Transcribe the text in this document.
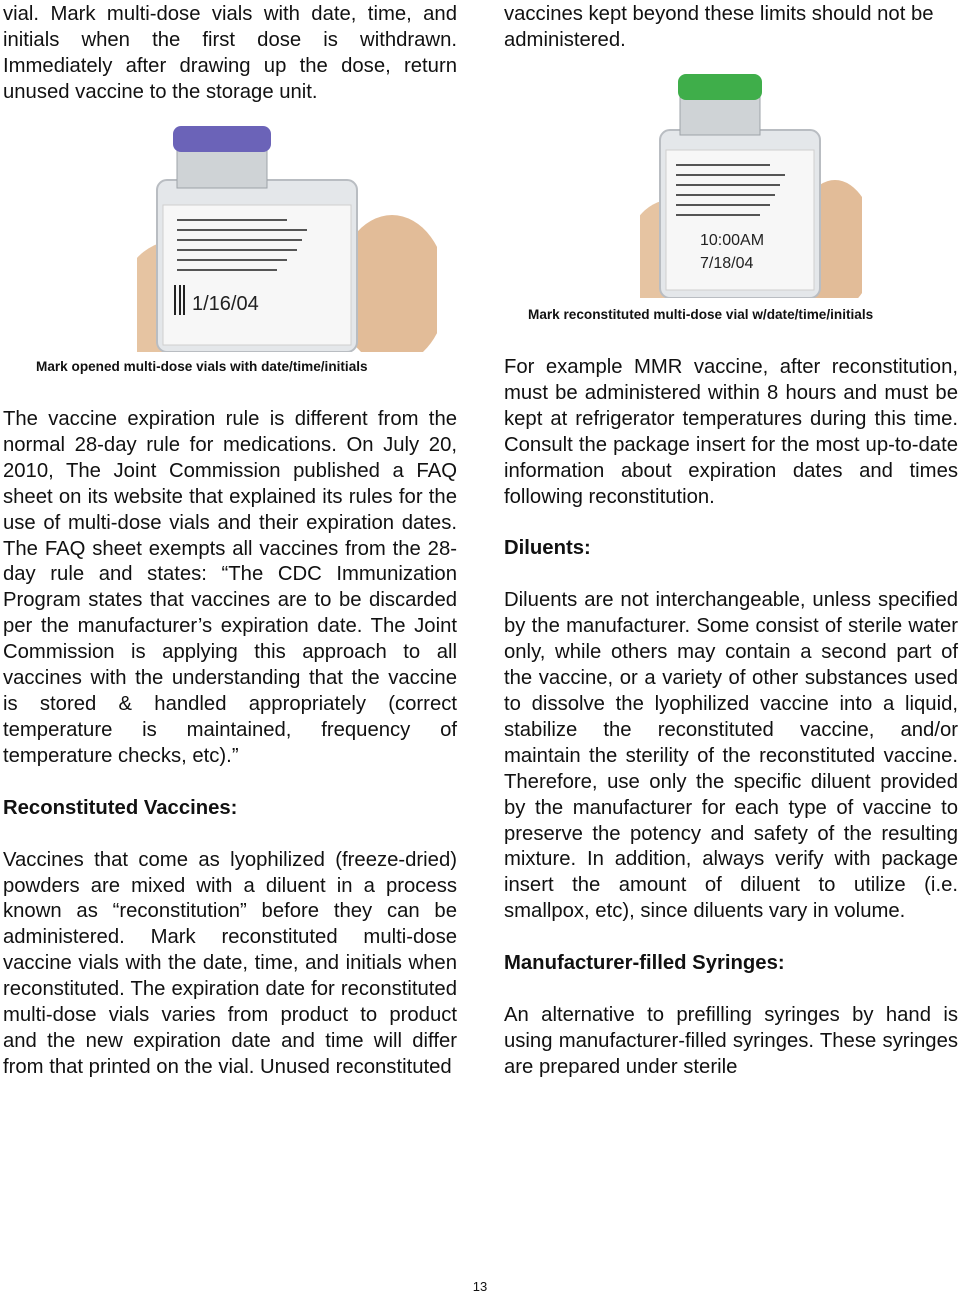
vial. Mark multi-dose vials with date, time, and initials when the first dose is withdrawn. Immediately after drawing up the dose, return unused vaccine to the storage unit.

vaccines kept beyond these limits should not be administered.

1/16/04
10:00AM
7/18/04
Mark reconstituted multi-dose vial w/date/time/initials
Mark opened multi-dose vials with date/time/initials

The vaccine expiration rule is different from the normal 28-day rule for medications. On July 20, 2010, The Joint Commission published a FAQ sheet on its website that explained its rules for the use of multi-dose vials and their expiration dates. The FAQ sheet exempts all vaccines from the 28-day rule and states: “The CDC Immunization Program states that vaccines are to be discarded per the manufacturer’s expiration date. The Joint Commission is applying this approach to all vaccines with the understanding that the vaccine is stored & handled appropriately (correct temperature is maintained, frequency of temperature checks, etc).”

Reconstituted Vaccines:

Vaccines that come as lyophilized (freeze-dried) powders are mixed with a diluent in a process known as “reconstitution” before they can be administered. Mark reconstituted multi-dose vaccine vials with the date, time, and initials when reconstituted. The expiration date for reconstituted multi-dose vials varies from product to product and the new expiration date and time will differ from that printed on the vial. Unused reconstituted

For example MMR vaccine, after reconstitution, must be administered within 8 hours and must be kept at refrigerator temperatures during this time. Consult the package insert for the most up-to-date information about expiration dates and times following reconstitution.

Diluents:

Diluents are not interchangeable, unless specified by the manufacturer. Some consist of sterile water only, while others may contain a second part of the vaccine, or a variety of other substances used to dissolve the lyophilized vaccine into a liquid, stabilize the reconstituted vaccine, and/or maintain the sterility of the reconstituted vaccine. Therefore, use only the specific diluent provided by the manufacturer for each type of vaccine to preserve the potency and safety of the resulting mixture. In addition, always verify with package insert the amount of diluent to utilize (i.e. smallpox, etc), since diluents vary in volume.

Manufacturer-filled Syringes:

An alternative to prefilling syringes by hand is using manufacturer-filled syringes. These syringes are prepared under sterile

13
